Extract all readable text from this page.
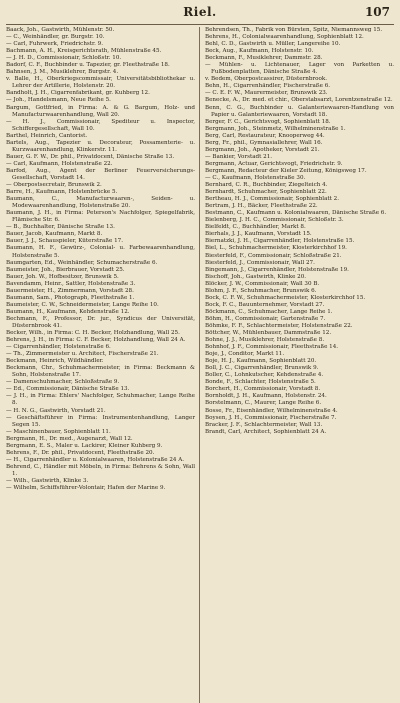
Riel.	107
Baack, Joh., Gastwirth, Mühlenstr. 50.
— C., Weinhändler, gr. Burgstr. 10.
— Carl, Fuhrwerk, Friedrichstr. 9.
Bachmann, A. H., Kreisgerichtsrath, Mühlenstraße 45.
— J. H. D., Commissionair, Schloßstr. 10.
Badorf, C. F., Buchbinder u. Tapezier, gr. Fleethstraße 18.
Bahnsen, J. M., Musiklehrer, Burgstr. 4.
v. Balle, H., Oberkriegscommissair, Universitätsbibliothekar u. Lehrer der Artillerie, Holstenstr. 20.
Bandholt, J. H., Cigarrenfabrikant, gr. Kuhberg 12.
— Joh., Handelsmann, Neue Reihe 5.
Bargum, Gottfried, in Firma: A. & G. Bargum, Holz- und Manufacturwaarenhandlung, Wall 20.
— H. J., Commissionair, Spediteur u. Inspector, Schiffergesellschaft, Wall 10.
Barthel, Heinrich, Cantorist.
Bartels, Aug., Tapezier u. Decorateur, Possamenterie- u. Kurzwaarenhandlung, Klinkerstr. 11.
Bauer, G. F. W., Dr. phil., Privatdocent, Dänische Straße 13.
— Carl, Kaufmann, Holstenstraße 22.
Barfod, Aug., Agent der Berliner Feuerversicherungs-Gesellschaft, Vorstadt 14.
— Oberpostsecretair, Brunswik 2.
Barre, H., Kaufmann, Holstenbrücke 5.
Baumann, C., Manufacturwaaren-, Seiden- u. Modewaarenhandlung, Holstenstraße 20.
Baumann, J. H., in Firma: Peterson's Nachfolger, Spiegelfabrik, Flämische Str. 6.
— B., Buchhalter, Dänische Straße 13.
Bauer, Jacob, Kaufmann, Markt 8.
Bauer, J. J., Schauspieler, Küterstraße 17.
Baumann, H. F., Gewürz-, Colonial- u. Farbewaarenhandlung, Holstenstraße 5.
Baumgarten, Ed., Weinhändler, Schumacherstraße 6.
Baumeister, Joh., Bierbrauer, Vorstadt 25.
Bauer, Joh. W., Hofbesitzer, Brunswik 5.
Bavendamm, Heinr., Sattler, Holstenstraße 3.
Bauermeister, H., Zimmermann, Vorstadt 28.
Baumann, Sam., Photograph, Fleethstraße 1.
Baumeister, C. W., Schneidermeister, Lange Reihe 10.
Baumann, H., Kaufmann, Kehdenstraße 12.
Bechmann, F., Professor, Dr. jur., Syndicus der Universität, Düsternbrook 41.
Becker, Wilh., in Firma: C. H. Becker, Holzhandlung, Wall 25.
Behrens, J. H., in Firma: C. F. Becker, Holzhandlung, Wall 24 A.
— Cigarrenhändler, Holstenstraße 6.
— Th., Zimmermeister u. Architect, Fischerstraße 21.
Beckmann, Heinrich, Wildhändler.
Beckmann, Chr., Schuhmachermeister, in Firma: Beckmann & Sohn, Holstenstraße 17.
— Damenschuhmacher, Schloßstraße 9.
— Ed., Commissionair, Dänische Straße 13.
— J. H., in Firma: Ehlers' Nachfolger, Schuhmacher, Lange Reihe 8.
— H. N. G., Gastwirth, Vorstadt 21.
— Geschäftsführer in Firma: Instrumentenhandlung, Langer Segen 15.
— Maschinenbauer, Sophienblatt 11.
Bergmann, H., Dr. med., Augenarzt, Wall 12.
Bergmann, E. S., Maler u. Lackirer, Kleiner Kuhberg 9.
Behrens, F., Dr. phil., Privatdocent, Fleethstraße 20.
— H., Cigarrenhändler u. Kolonialwaaren, Holstenstraße 24 A.
Behrend, C., Händler mit Möbeln, in Firma: Behrens & Sohn, Wall 1.
— Wilh., Gastwirth, Klinke 3.
— Wilhelm, Schiffsführer-Volontair, Hafen der Marine 9.
Behrendsen, Th., Fabrik von Bürsten, Spitz, Niemannsweg 15.
Behrens, H., Colonialwaarenhandlung, Sophienblatt 12.
Behl, C. D., Gastwirth u. Müller, Langereihe 10.
Beck, Aug., Kaufmann, Holstenstr. 10.
Beckmann, F., Musiklehrer, Dammstr. 28.
— Mühlen- u. Lichtenauer, Lager von Parketten u. Fußbodenplatten, Dänische Straße 4.
v. Bedem, Oberpostcassirer, Düsternbrook.
Behn, H., Cigarrenhändler, Fischerstraße 6.
— C. E. F. W., Maurermeister, Brunswik 23.
Benecke, A., Dr. med. et chir., Oberstabsarzt, Lorentzenstraße 12.
Benn, C. G., Buchbinder u. Galanteriewaaren-Handlung von Papier u. Galanteriewaaren, Vorstadt 18.
Berger, F. C., Gerichtsvogt, Sophienblatt 18.
Bergmann, Joh., Steinmetz, Wilhelminenstraße 1.
Berg, Carl, Restaurateur, Knooperweg 44.
Berg, Fr., phil., Gymnasiallehrer, Wall 16.
Bergmann, Joh., Apotheker, Vorstadt 21.
— Bankier, Vorstadt 21.
Bergmann, Actuar, Gerichtsvogt, Friedrichstr. 9.
Bergmann, Redacteur der Kieler Zeitung, Königsweg 17.
— C., Kaufmann, Holstenstraße 30.
Bernhard, C. R., Buchbinder, Ziegelteich 4.
Bernhardt, Schuhmacher, Sophienblatt 22.
Bertheau, H. J., Commissionair, Sophienblatt 2.
Bertram, J. H., Bäcker, Fleethstraße 22.
Bestmann, C., Kaufmann u. Kolonialwaaren, Dänische Straße 6.
Bielenberg, J. H. C., Commissionair, Schloßstr. 3.
Bielfeldt, C., Buchhändler, Markt 8.
Bierhals, J. J., Kaufmann, Vorstadt 15.
Biernatzki, J. H., Cigarrenhändler, Holstenstraße 15.
Biel, L., Schuhmachermeister, Klosterkirchhof 19.
Biesterfeld, F., Commissionair, Schloßstraße 21.
Biesterfeld, J., Commissionair, Wall 27.
Bingemann, J., Cigarrenhändler, Holstenstraße 19.
Bischoff, Joh., Gastwirth, Klinke 20.
Blöcker, J. W., Commissionair, Wall 30 B.
Blohm, J. F., Schuhmacher, Brunswik 6.
Bock, C. F. W., Schuhmachermeister, Klosterkirchhof 15.
Bock, F. C., Bauunternehmer, Vorstadt 27.
Böckmann, C., Schuhmacher, Lange Reihe 1.
Böhm, H., Commissionair, Gartenstraße 7.
Böhmke, F. F., Schlachtermeister, Holstenstraße 22.
Böttcher, W., Mühlenbauer, Dammstraße 12.
Bohne, J. J., Musiklehrer, Holstenstraße 8.
Bohnhof, J. F., Commissionair, Fleethstraße 14.
Boje, J., Conditor, Markt 11.
Boje, H. J., Kaufmann, Sophienblatt 20.
Boll, J. C., Cigarrenhändler, Brunswik 9.
Boller, C., Lohnkutscher, Kehdenstraße 4.
Bonde, F., Schlachter, Holstenstraße 5.
Borchert, H., Commissionair, Vorstadt 8.
Bornholdt, J. H., Kaufmann, Holstenstr. 24.
Borstelmann, C., Maurer, Lange Reihe 6.
Bosse, Fr., Eisenhändler, Wilhelminenstraße 4.
Boysen, J. H., Commissionair, Fischerstraße 7.
Bracker, J. F., Schlachtermeister, Wall 13.
Brandt, Carl, Architect, Sophienblatt 24 A.
